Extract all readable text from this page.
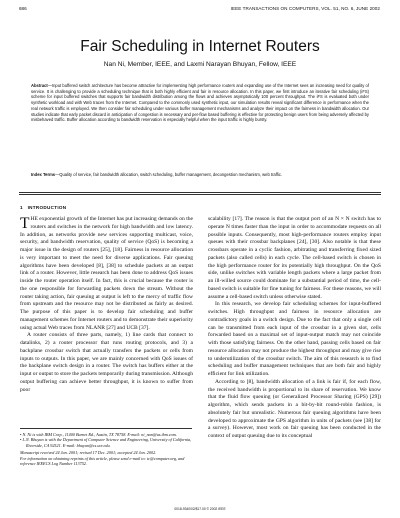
686	IEEE TRANSACTIONS ON COMPUTERS, VOL. 51, NO. 6, JUNE 2002
Fair Scheduling in Internet Routers

Nan Ni, Member, IEEE, and Laxmi Narayan Bhuyan, Fellow, IEEE

Abstract—Input buffered switch architecture has become attractive for implementing high performance routers and expanding use of the Internet sees an increasing need for quality of service. It is challenging to provide a scheduling technique that is both highly efficient and fair in resource allocation. In this paper, we first introduce an iterative fair scheduling (iFS) scheme for input buffered switches that supports fair bandwidth distribution among the flows and achieves asymptotically 100 percent throughput. The iFS is evaluated both under synthetic workload and with Web traces from the Internet. Compared to the commonly used synthetic input, our simulation results reveal significant difference in performance when the real network traffic is employed. We then consider fair scheduling under various buffer management mechanisms and analyze their impact on the fairness in bandwidth allocation. Our studies indicate that early packet discard in anticipation of congestion is necessary and per-flow based buffering is effective for protecting benign users from being adversely affected by misbehaved traffic. Buffer allocation according to bandwidth reservation is especially helpful when the input traffic is highly bursty.

Index Terms—Quality of service, fair bandwidth allocation, switch scheduling, buffer management, decongestion mechanism, web traffic.

1 INTRODUCTION

THE exponential growth of the Internet has put increasing demands on the routers and switches in the network for high bandwidth and low latency. In addition, as networks provide new services supporting multicast, voice, security, and bandwidth reservation, quality of service (QoS) is becoming a major issue in the design of routers [25], [18]. Fairness in resource allocation is very important to meet the need for diverse applications. Fair queuing algorithms have been developed [8], [38] to schedule packets at an output link of a router. However, little research has been done to address QoS issues inside the router operation itself. In fact, this is crucial because the router is the one responsible for forwarding packets down the stream. Without the router taking action, fair queuing at output is left to the mercy of traffic flow from upstream and the resource may not be distributed as fairly as desired. The purpose of this paper is to develop fair scheduling and buffer management schemes for Internet routers and to demonstrate their superiority using actual Web traces from NLANR [27] and UCB [37].

A router consists of three parts, namely, 1) line cards that connect to datalinks, 2) a router processor that runs routing protocols, and 3) a backplane crossbar switch that actually transfers the packets or cells from inputs to outputs. In this paper, we are mainly concerned with QoS issues of the backplane switch design in a router. The switch has buffers either at the input or output to store the packets temporarily during transmission. Although output buffering can achieve better throughput, it is known to suffer from poor

scalability [17]. The reason is that the output port of an N × N switch has to operate N times faster than the input in order to accommodate requests on all possible inputs. Consequently, most high-performance routers employ input queues with their crossbar backplanes [24], [30]. Also notable is that these crossbars operate in a cyclic fashion, arbitrating and transferring fixed sized packets (also called cells) in each cycle. The cell-based switch is chosen in the high performance router for its potentially high throughput. On the QoS side, unlike switches with variable length packets where a large packet from an ill-willed source could dominate for a substantial period of time, the cell-based switch is suitable for fine tuning for fairness. For these reasons, we will assume a cell-based switch unless otherwise stated.

In this research, we develop fair scheduling schemes for input-buffered switches. High throughput and fairness in resource allocation are contradictory goals in a switch design. Due to the fact that only a single cell can be transmitted from each input of the crossbar in a given slot, cells forwarded based on a maximal set of input-output match may not coincide with those satisfying fairness. On the other hand, passing cells based on fair resource allocation may not produce the highest throughput and may give rise to underutilization of the crossbar switch. The aim of this research is to find scheduling and buffer management techniques that are both fair and highly efficient for link utilization.

According to [8], bandwidth allocation of a link is fair if, for each flow, the received bandwidth is proportional to its share of reservation. We know that the fluid flow queuing (or Generalized Processor Sharing (GPS) [29]) algorithm, which sends packets in a bit-by-bit round-robin fashion, is absolutely fair but unrealistic. Numerous fair queuing algorithms have been developed to approximate the GPS algorithm in units of packets (see [38] for a survey). However, most work on fair queuing has been conducted in the context of output queuing due to its conceptual

• N. Ni is with IBM Corp., 11400 Burnet Rd., Austin, TX 78758. E-mail: ni_nan@us.ibm.com.

• L.N. Bhuyan is with the Department of Computer Science and Engineering, University of California, Riverside, CA 92521. E-mail: bhuyan@cs.ucr.edu.

Manuscript received 24 Jan. 2001; revised 17 Dec. 2001; accepted 24 Jan. 2002.

For information on obtaining reprints of this article, please send e-mail to: tc@computer.org, and reference IEEECS Log Number 113752.

0018-9340/02/$17.00 © 2002 IEEE
